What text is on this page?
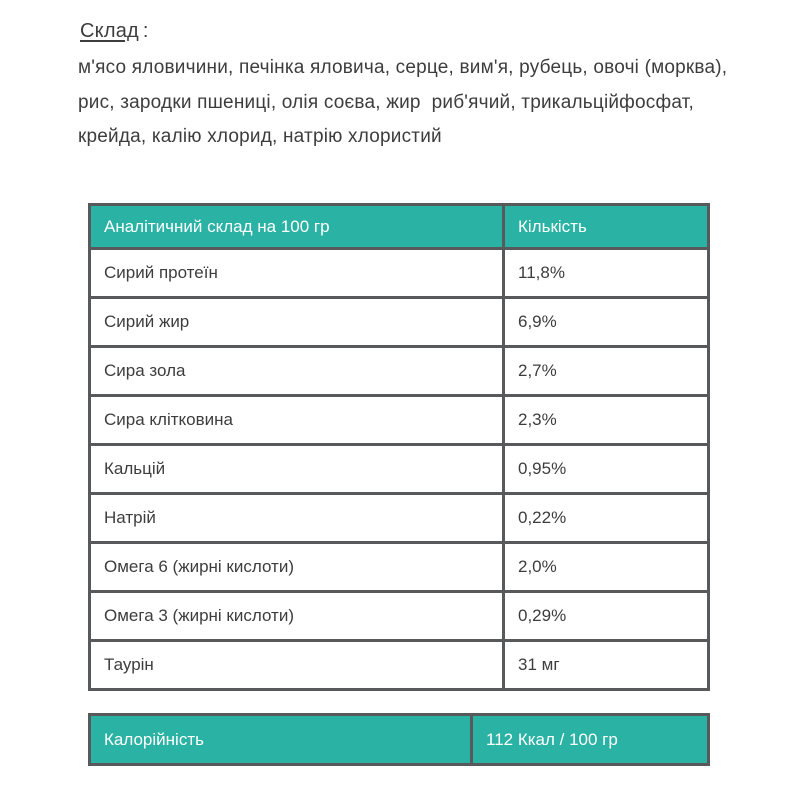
Склад :
м'ясо яловичини, печінка яловича, серце, вим'я, рубець, овочі (морква),
рис, зародки пшениці, олія соєва, жир  риб'ячий, трикальційфосфат,
крейда, калію хлорид, натрію хлористий
Аналітичний склад на 100 гр	Кількість
Сирий протеїн	11,8%
Сирий жир	6,9%
Сира зола	2,7%
Сира клітковина	2,3%
Кальцій	0,95%
Натрій	0,22%
Омега 6 (жирні кислоти)	2,0%
Омега 3 (жирні кислоти)	0,29%
Таурін	31 мг
Калорійність	112 Ккал / 100 гр
